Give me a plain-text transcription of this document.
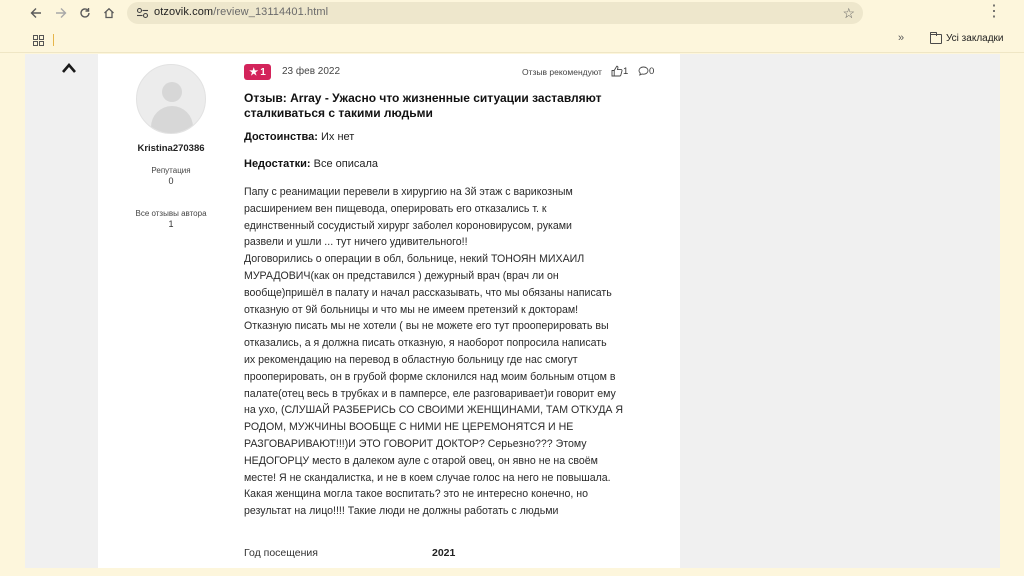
otzovik.com/review_13114401.html	☆	⋮
»	Усі закладки
Kristina270386
Репутация
0
Все отзывы автора
1
★ 1 23 фев 2022	Отзыв рекомендуют 1 0
Отзыв: Array - Ужасно что жизненные ситуации заставляют сталкиваться с такими людьми
Достоинства: Их нет
Недостатки: Все описала

Папу с реанимации перевели в хирургию на 3й этаж с варикозным

расширением вен пищевода, оперировать его отказались т. к

единственный сосудистый хирург заболел короновирусом, руками

развели и ушли ... тут ничего удивительного!!

Договорились о операции в обл, больнице, некий ТОНОЯН МИХАИЛ

МУРАДОВИЧ(как он представился ) дежурный врач (врач ли он

вообще)пришёл в палату и начал рассказывать, что мы обязаны написать

отказную от 9й больницы и что мы не имеем претензий к докторам!

Отказную писать мы не хотели ( вы не можете его тут прооперировать вы

отказались, а я должна писать отказную, я наоборот попросила написать

их рекомендацию на перевод в областную больницу где нас смогут

прооперировать, он в грубой форме склонился над моим больным отцом в

палате(отец весь в трубках и в памперсе, еле разговаривает)и говорит ему

на ухо, (СЛУШАЙ РАЗБЕРИСЬ СО СВОИМИ ЖЕНЩИНАМИ, ТАМ ОТКУДА Я

РОДОМ, МУЖЧИНЫ ВООБЩЕ С НИМИ НЕ ЦЕРЕМОНЯТСЯ И НЕ

РАЗГОВАРИВАЮТ!!!)И ЭТО ГОВОРИТ ДОКТОР? Серьезно??? Этому

НЕДОГОРЦУ место в далеком ауле с отарой овец, он явно не на своём

месте! Я не скандалистка, и не в коем случае голос на него не повышала.

Какая женщина могла такое воспитать? это не интересно конечно, но

результат на лицо!!!! Такие люди не должны работать с людьми

Год посещения	2021
